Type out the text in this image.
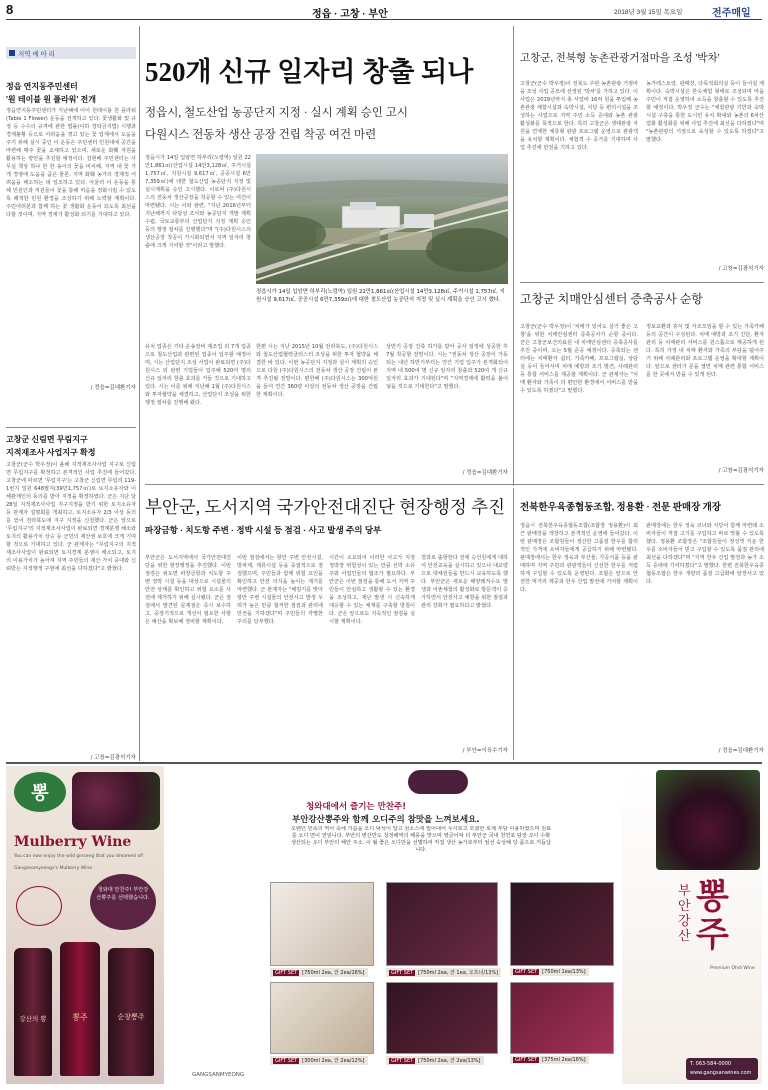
8	정읍 · 고창 · 부안	2018년 3월 15일 목요일	전주매일
지역 메 아 리
정읍 연지동주민센터
'원 테이블 원 플라워' 전개
정읍연지동주민센터가 지난해에 이어 원테이블 원 플라워(Table 1 Flower) 운동을 전개하고 있다. 꽃생활화 및 규정 등 수수의 규격에 관한 법률(이하 청탁금지법) 시행과 경제불황 등으로 어려움을 겪고 있는 꽃 업계에서 도움을 주기 위해 실시 중인 이 운동은 주민센터 민원대에 공간을 마련해 매주 꽃을 교체하고 있으며, 새로운 화훼 자원을 활용하는 방안을 추진할 예정이다. 김현배 주민센터는 사무실 책상 하나 한 한 송이의 꽃을 비치해, 지역 내 꽃 가게 경영에 도움을 줌은 물론, 지역 화훼 농가의 경제적 어려움을 해소하는 데 일조하고 있다. 아울러 이 운동을 통해 민원인과 직원들이 꽃을 통해 마음을 정화시킬 수 있도록 쾌적한 민원 환경을 조성하기 위해 노력할 계획이다. 주민여러분과 함께 하는 꽃 생활화 운동이 되도록 최선을 다할 것이며, 지역 경제가 활성화 되기를 기대하고 있다.
/ 정읍=김대환기자
고창군 신림면 무림지구
지적재조사 사업지구 확정
고창군(군수 박우정)이 올해 지적재조사사업 지구로 신림면 무림지구를 확정하고 본격적인 사업 추진에 들어갔다. 고창군에 따르면 '무림지구'는 고창군 신림면 무림리 119-1번지 일원 648필지(39만1,757㎡)로 토지소유자와 이해관계인의 동의를 받아 지정을 확정하였다. 군은 지난 달 28일 지적재조사사업 지구지정을 받기 위한 토지소유자 등 관계자 설명회를 개최하고, 토지소유자 2/3 이상 동의를 얻어 전라북도에 지구 지정을 신청했다. 군은 앞으로 '무림지구'의 지적재조사사업이 완료되면 경계분쟁 해소와 토지의 활용가치 상승 등 군민의 재산권 보호에 크게 기여할 것으로 기대하고 있다. 군 관계자는 "무림지구의 지적재조사사업이 완료되면 토지경계 분쟁이 해소되고, 토지의 이용가치가 높아져 지역 주민들의 재산 가치 증대와 신뢰받는 지적행정 구현에 최선을 다하겠다"고 밝혔다.
/ 고창=김광석기자
520개 신규 일자리 창출 되나
정읍시, 철도산업 농공단지 지정 · 실시 계획 승인 고시
다원시스 전동차 생산 공장 건립 착공 여건 마련
정읍시가 14일 입암면 하부리(노령역) 일원 22만1,861㎡(산업시설 14만3,128㎡, 주거시설 1,757㎡, 지원시설 9,617㎡, 공공시설 6만7,359㎡)에 대한 철도산업 농공단지 지정 및 실시계획을 승인 고시했다. 이로써 (주)다원시스의 전동차 생산공장을 착공할 수 있는 여건이 마련됐다. 시는 이와 관련, "지난 2016년부터 지난해까지 타당성 조사와 농공단지 개발 계획 수립, 국토교통부의 산업단지 지정 계획 승인 등의 행정 절차를 진행했다"며 "(주)다원시스의 생산공장 착공이 가시화되면서 지역 일자리 창출에 크게 기여할 것"이라고 말했다.
정읍시가 14일 입암면 하부리(노령역) 일원 22만1,861㎡(산업시설 14만3,128㎡, 주거시설 1,757㎡, 지원시설 9,617㎡, 공공시설 6만7,359㎡)에 대한 철도산업 농공단지 지정 및 실시 계획을 승인 고시 했다.
유치 업종은 기타 운송장비 제조업 외 7개 업종으로 철도산업과 관련된 업종이 입주할 예정이며, 시는 산업단지 조성 사업이 완료되면 (주)다원시스 외 관련 기업들이 입주해 520여 명의 신규 일자리 창출 효과를 거둘 것으로 기대하고 있다. 시는 이를 위해 지난해 1월 (주)다원시스와 투자협약을 체결하고, 산업단지 조성을 위한 행정 절차를 진행해 왔다.
한편 시는 지난 2015년 10월 전라북도, (주)다원시스와 철도산업협력클러스터 조성을 위한 투자 협약을 체결한 바 있다. 이번 농공단지 지정과 실시 계획의 승인으로 다원 (주)다원시스의 전동차 생산 공장 건립이 본격 추진될 전망이다. 편한해 (주)다원시스는 300억원을 들여 연간 360량 이상의 전동차 생산 공장을 건립한 계획이다.
상반기 공장 건축 허가를 받아 공사 일정에 성공한 후 7월 착공할 전망이다. 시는 "전동차 생산 공장이 가동되는 내년 하반기부터는 연간 기업 입주가 본격화되어 지역 내 500여 명 신규 일자리 창출과 520여 개 신규 일자리 효과가 기대된다"며 "지역경제에 활력을 불어 넣을 것으로 기대한다"고 말했다.
/ 정읍=김대환기자
고창군, 전북형 농촌관광거점마을 조성 '박차'
고창군(군수 박우정)이 전북도 주관 농촌관광 거점마을 조성 사업 공모에 선정된 '박차'를 가하고 있다. 이 사업은 2019년까지 총 사업비 16억 원을 투입해 농촌관광 체험시설과 숙박시설, 식당 등 편의시설을 조성하는 사업으로 지역 주민 소득 증대와 농촌 관광 활성화를 목적으로 한다. 특히 고창군은 생태관광 자원을 연계한 체류형 관광 프로그램 운영으로 관광객을 유치할 계획이다. 체험객 수 증가를 기대하며 사업 추진에 만전을 기하고 있다.
농가레스토랑, 판매장, 다목적회의실 등이 들어설 계획이다. 숙박시설은 한옥체험 형태로 조성되며 마을 주민이 직접 운영하여 소득을 창출할 수 있도록 추진할 예정이다. 박우정 군수는 "체험관광 기반과 숙박시설 구축을 통한 도시민 유치 확대와 농촌의 6차산업화 활성화를 위해 사업 추진에 최선을 다하겠다"며 "농촌관광의 거점으로 육성할 수 있도록 하겠다"고 말했다.
/ 고창=김광석기자
고창군 치매안심센터 증축공사 순항
고창군(군수 박우정)이 '치매가 있어도 살기 좋은 고창'을 위한 치매안심센터 증축공사가 순항 중이다. 군은 고창군보건의료원 내 치매안심센터 증축공사를 추진 중이며, 오는 5월 준공 예정이다. 증축되는 센터에는 치매환자 쉼터, 가족카페, 프로그램실, 상담실 등이 들어서며 치매 예방과 조기 발견, 사례관리 등 통합 서비스를 제공할 계획이다. 군 관계자는 "치매 환자와 가족이 더 편안한 환경에서 서비스를 받을 수 있도록 하겠다"고 말했다.
정보교환과 휴식 및 자조모임을 할 수 있는 가족카페 등의 공간이 구성된다. 치매 예방과 조기 진단, 환자 관리 등 치매관리 서비스를 원스톱으로 제공하게 된다. 특히 가정 내 치매 환자와 가족의 부담을 덜어주기 위해 사례관리와 프로그램 운영을 확대할 계획이다. 앞으로 센터가 문을 열면 치매 관련 통합 서비스를 한 곳에서 받을 수 있게 된다.
/ 고창=김광석기자
부안군, 도서지역 국가안전대진단 현장행정 추진
파장금항 · 치도항 주변 · 정박 시설 등 점검 · 사고 발생 주의 당부
부안군은 도서지역에서 국가안전대진단을 위한 현장행정을 추진했다. 이번 점검은 위도면 파장금항과 치도항 주변 정박 시설 등을 대상으로 시설물의 안전 상태를 확인하고 위험 요소를 사전에 제거하기 위해 실시됐다. 군은 점검에서 발견된 문제점은 즉시 보수하고, 중장기적으로 개선이 필요한 사항은 예산을 확보해 정비할 계획이다.
이번 점검에서는 항만 주변 안전시설, 방파제, 계류시설 등을 중점적으로 점검했으며, 주민들과 함께 위험 요인을 확인하고 안전 의식을 높이는 계기를 마련했다. 군 관계자는 "해빙기를 맞아 항만 주변 시설물의 안전사고 발생 우려가 높은 만큼 철저한 점검과 관리에 만전을 기하겠다"며 주민들의 각별한 주의를 당부했다.
시간이 소요되어 이러한 사고가 지정 정박장 위험성이 있는 만큼 선박 소유주와 어업인들의 협조가 필요하다. 부안군은 이번 점검을 통해 도서 지역 주민들이 안심하고 생활할 수 있는 환경을 조성하고, 재난 발생 시 신속하게 대응할 수 있는 체계를 구축할 방침이다. 군은 앞으로도 지속적인 점검을 실시할 계획이다.
결과로 출항한다 전에 승선원에게 대하여 안전교육을 실시하고 있으나 대교량으로 대체원들을 반드시 교육하도록 했다. 부안군은 새로운 해양레저수요 발생과 어촌체험의 활성화로 방문객이 증가하면서 안전사고 예방을 위한 점검과 관리 강화가 필요하다고 밝혔다.
/ 부안=이육수기자
전북한우육종협동조합, 정용환 · 전문 판매장 개장
정읍시 전북한우육종협동조합(조합장 정용환)이 최근 판매장을 개장하고 본격적인 운영에 들어갔다. 이번 판매장은 조합원들이 생산한 고품질 한우를 합리적인 가격에 소비자들에게 공급하기 위해 마련됐다. 판매장에서는 한우 정육과 부산물, 가공식품 등을 판매하며 지역 주민과 관광객들이 신선한 한우를 저렴하게 구입할 수 있도록 운영된다. 조합은 앞으로 안전한 먹거리 제공과 한우 산업 발전에 기여할 계획이다.
판매장에는 한우 정육 코너와 식당이 함께 마련돼 소비자들이 직접 고기를 구입하고 바로 맛볼 수 있도록 했다. 정용환 조합장은 "조합원들이 정성껏 키운 한우를 소비자들이 믿고 구입할 수 있도록 품질 관리에 최선을 다하겠다"며 "지역 한우 산업 발전과 농가 소득 증대에 기여하겠다"고 말했다. 한편 전북한우육종협동조합은 한우 개량과 품질 고급화에 앞장서고 있다.
/ 정읍=김대환기자
뽕
Mulberry Wine
You can now enjoy the wild ginseng that you dreamed of!
Gangseomyeongs's Mulberry Wine
청와대 만찬주! 부안강산뽕주를 선택했습니다.
강산의 뽕	뽕주	순창뽕주
청와대에서 즐기는 만찬주!
부안강산뽕주와 함께 오디주의 참맛을 느껴보세요.
오랜던 민족의 역사 속에 기름을 오디 낙석이 달고 원소스에 빌어내어 무시로고 모셨한 로제 부담 이용하였으며 원료를 오디 면이 먼임니다. 부안의 변산반도 청정해역의 해풍을 맞으며 영글어져 더 부안군 국내 천연포 담장 오디 수확 생산되는 오디 부안의 해안 주소. 이 될 좋은 오디만을 선별하여 직접 생산 농가로부터 엄선 숙성해 당 품으로 거듭납니다.
GIFT SET [750ml 2ea, 잔 2ea/16%]	GIFT SET [750ml 2ea, 잔 1ea, 오프너/13%]	GIFT SET [750ml 1ea/13%]
GIFT SET [300ml 2ea, 잔 2ea/12%]	GIFT SET [750ml 2ea, 잔 2ea/13%]	GIFT SET [375ml 2ea/16%]
부안강산
뽕주
Premium Ohdi Wine
T. 063-584-0000
www.gangsanwines.com
GANGSANMYEONG
